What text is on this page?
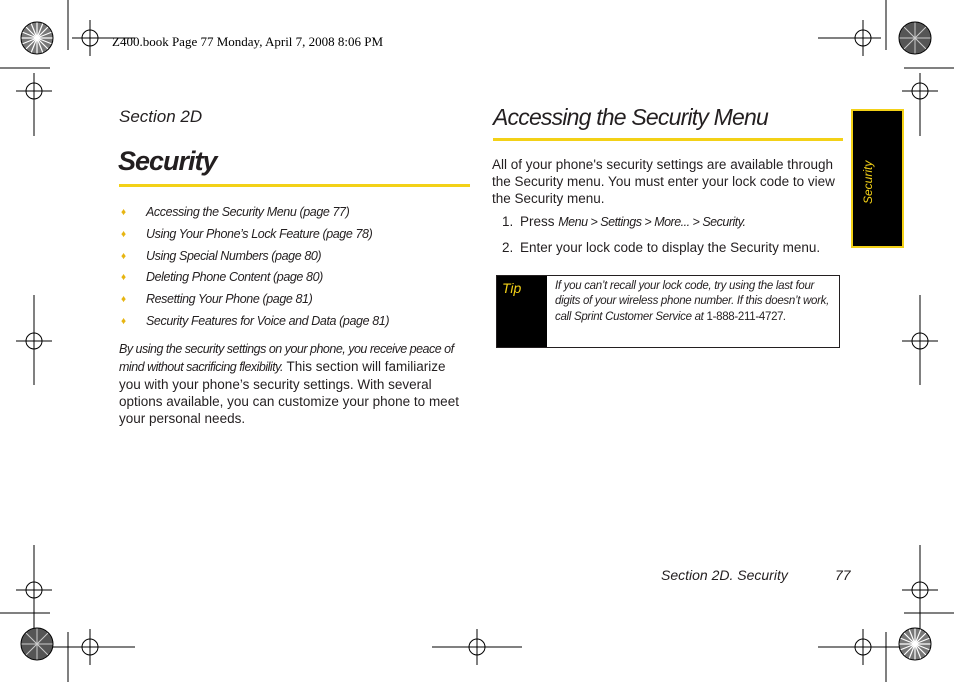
Z400.book Page 77 Monday, April 7, 2008 8:06 PM
Section 2D
Security
♦ Accessing the Security Menu (page 77)
♦ Using Your Phone’s Lock Feature (page 78)
♦ Using Special Numbers (page 80)
♦ Deleting Phone Content (page 80)
♦ Resetting Your Phone (page 81)
♦ Security Features for Voice and Data (page 81)
By using the security settings on your phone, you receive peace of mind without sacrificing flexibility. This section will familiarize you with your phone’s security settings. With several options available, you can customize your phone to meet your personal needs.
Accessing the Security Menu
All of your phone's security settings are available through the Security menu. You must enter your lock code to view the Security menu.
1. Press Menu > Settings > More... > Security.
2. Enter your lock code to display the Security menu.
Tip	If you can’t recall your lock code, try using the last four digits of your wireless phone number. If this doesn’t work, call Sprint Customer Service at 1-888-211-4727.
Security
Section 2D. Security	77
